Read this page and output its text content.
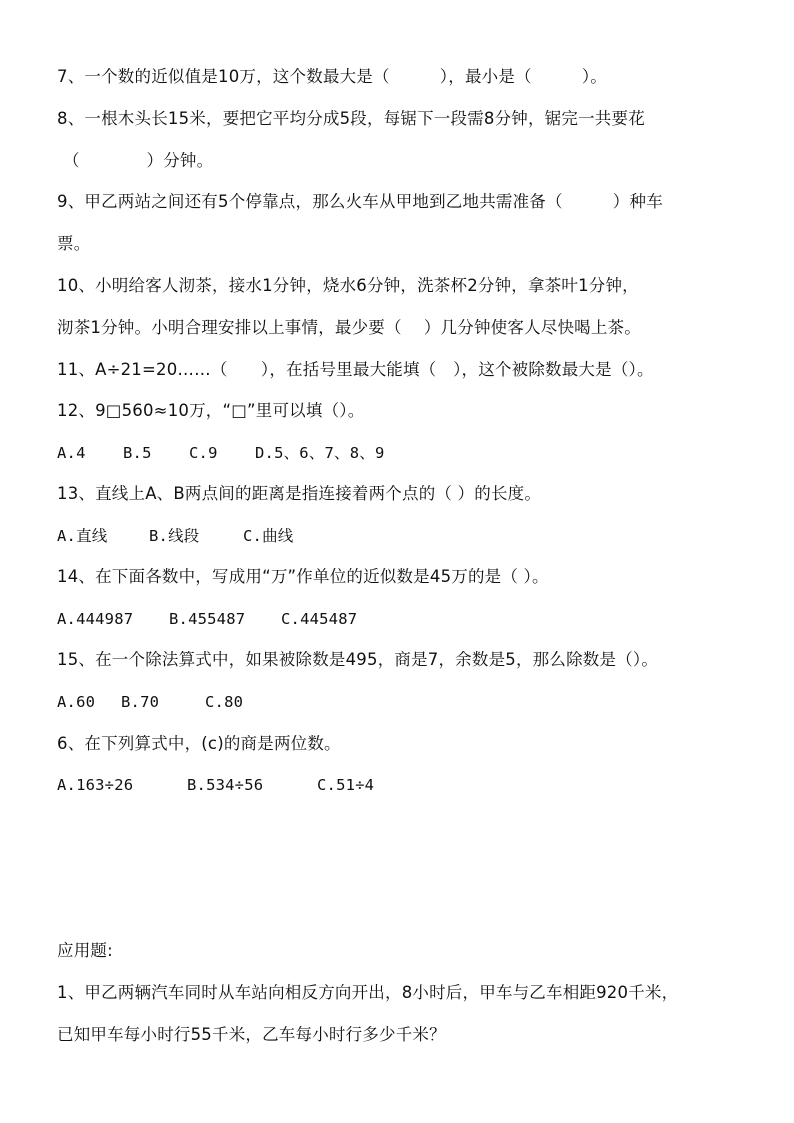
7、一个数的近似值是10万，这个数最大是（　　　），最小是（　　　）。
8、一根木头长15米，要把它平均分成5段，每锯下一段需8分钟，锯完一共要花
（　　　　）分钟。
9、甲乙两站之间还有5个停靠点，那么火车从甲地到乙地共需准备（　　　）种车
票。
10、小明给客人沏茶，接水1分钟，烧水6分钟，洗茶杯2分钟，拿茶叶1分钟，
沏茶1分钟。小明合理安排以上事情，最少要（　 ）几分钟使客人尽快喝上茶。
11、A÷21=20……（　　），在括号里最大能填（　），这个被除数最大是（）。
12、9□560≈10万，“□”里可以填（）。
A.4 B.5 C.9 D.5、6、7、8、9
13、直线上A、B两点间的距离是指连接着两个点的（ ）的长度。
A.直线	B.线段	C.曲线
14、在下面各数中，写成用“万”作单位的近似数是45万的是（ ）。
A.444987 B.455487 C.445487
15、在一个除法算式中，如果被除数是495，商是7，余数是5，那么除数是（）。
A.60 B.70	C.80
6、在下列算式中，(c)的商是两位数。
A.163÷26	B.534÷56	C.51÷4
应用题:
1、甲乙两辆汽车同时从车站向相反方向开出，8小时后，甲车与乙车相距920千米，
已知甲车每小时行55千米，乙车每小时行多少千米？
